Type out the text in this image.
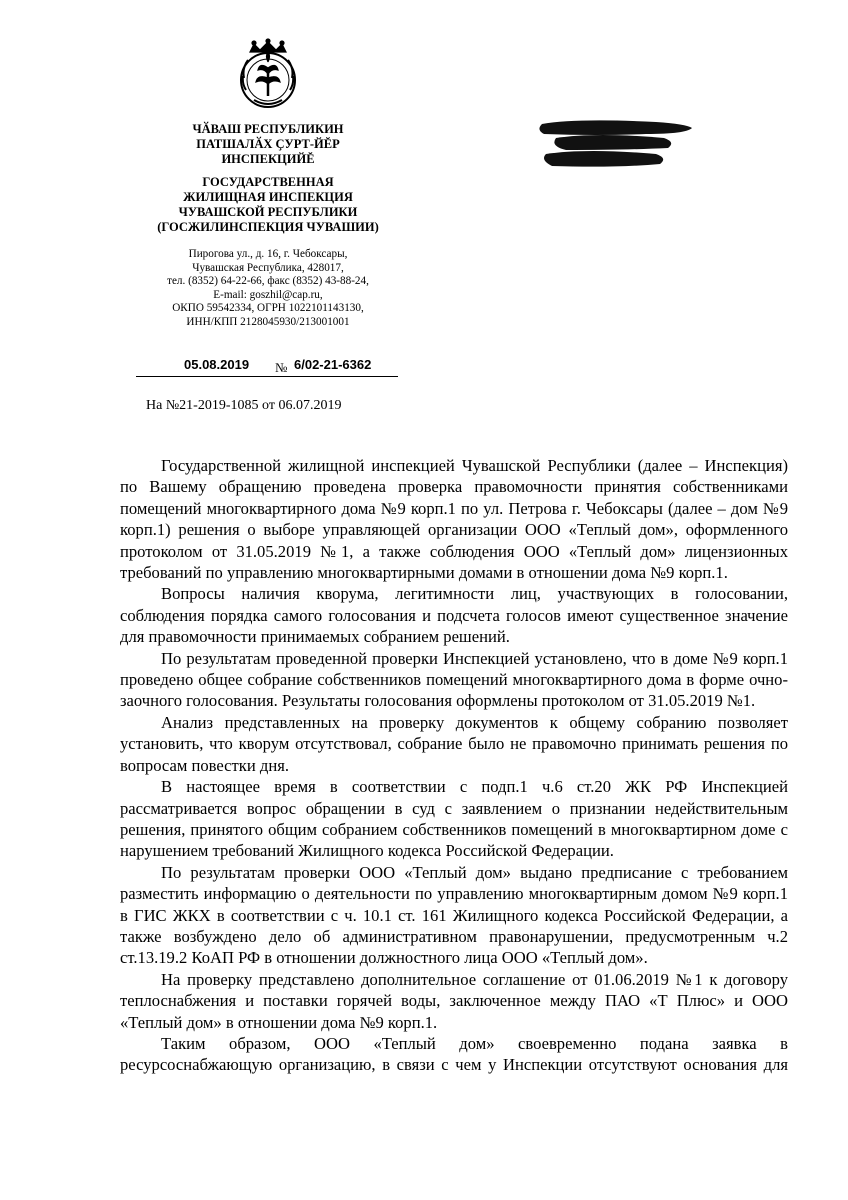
ЧӐВАШ РЕСПУБЛИКИН
ПАТШАЛӐХ ҪУРТ-ЙĔР
ИНСПЕКЦИЙĔ
ГОСУДАРСТВЕННАЯ
ЖИЛИЩНАЯ ИНСПЕКЦИЯ
ЧУВАШСКОЙ РЕСПУБЛИКИ
(ГОСЖИЛИНСПЕКЦИЯ ЧУВАШИИ)
Пирогова ул., д. 16, г. Чебоксары,
Чувашская Республика, 428017,
тел. (8352) 64-22-66, факс (8352) 43-88-24,
E-mail: goszhil@cap.ru,
ОКПО 59542334, ОГРН 1022101143130,
ИНН/КПП 2128045930/213001001
05.08.2019 № 6/02-21-6362
На №21-2019-1085 от 06.07.2019

Государственной жилищной инспекцией Чувашской Республики (далее – Инспекция) по Вашему обращению проведена проверка правомочности принятия собственниками помещений многоквартирного дома №9 корп.1 по ул. Петрова г. Чебоксары (далее – дом №9 корп.1) решения о выборе управляющей организации ООО «Теплый дом», оформленного протоколом от 31.05.2019 №1, а также соблюдения ООО «Теплый дом» лицензионных требований по управлению многоквартирными домами в отношении дома №9 корп.1.

Вопросы наличия кворума, легитимности лиц, участвующих в голосовании, соблюдения порядка самого голосования и подсчета голосов имеют существенное значение для правомочности принимаемых собранием решений.

По результатам проведенной проверки Инспекцией установлено, что в доме №9 корп.1 проведено общее собрание собственников помещений многоквартирного дома в форме очно-заочного голосования. Результаты голосования оформлены протоколом от 31.05.2019 №1.

Анализ представленных на проверку документов к общему собранию позволяет установить, что кворум отсутствовал, собрание было не правомочно принимать решения по вопросам повестки дня.

В настоящее время в соответствии с подп.1 ч.6 ст.20 ЖК РФ Инспекцией рассматривается вопрос обращении в суд с заявлением о признании недействительным решения, принятого общим собранием собственников помещений в многоквартирном доме с нарушением требований Жилищного кодекса Российской Федерации.

По результатам проверки ООО «Теплый дом» выдано предписание с требованием разместить информацию о деятельности по управлению многоквартирным домом №9 корп.1 в ГИС ЖКХ в соответствии с ч. 10.1 ст. 161 Жилищного кодекса Российской Федерации, а также возбуждено дело об административном правонарушении, предусмотренным ч.2 ст.13.19.2 КоАП РФ в отношении должностного лица ООО «Теплый дом».

На проверку представлено дополнительное соглашение от 01.06.2019 №1 к договору теплоснабжения и поставки горячей воды, заключенное между ПАО «Т Плюс» и ООО «Теплый дом» в отношении дома №9 корп.1.

Таким образом, ООО «Теплый дом» своевременно подана заявка в ресурсоснабжающую организацию, в связи с чем у Инспекции отсутствуют основания для
